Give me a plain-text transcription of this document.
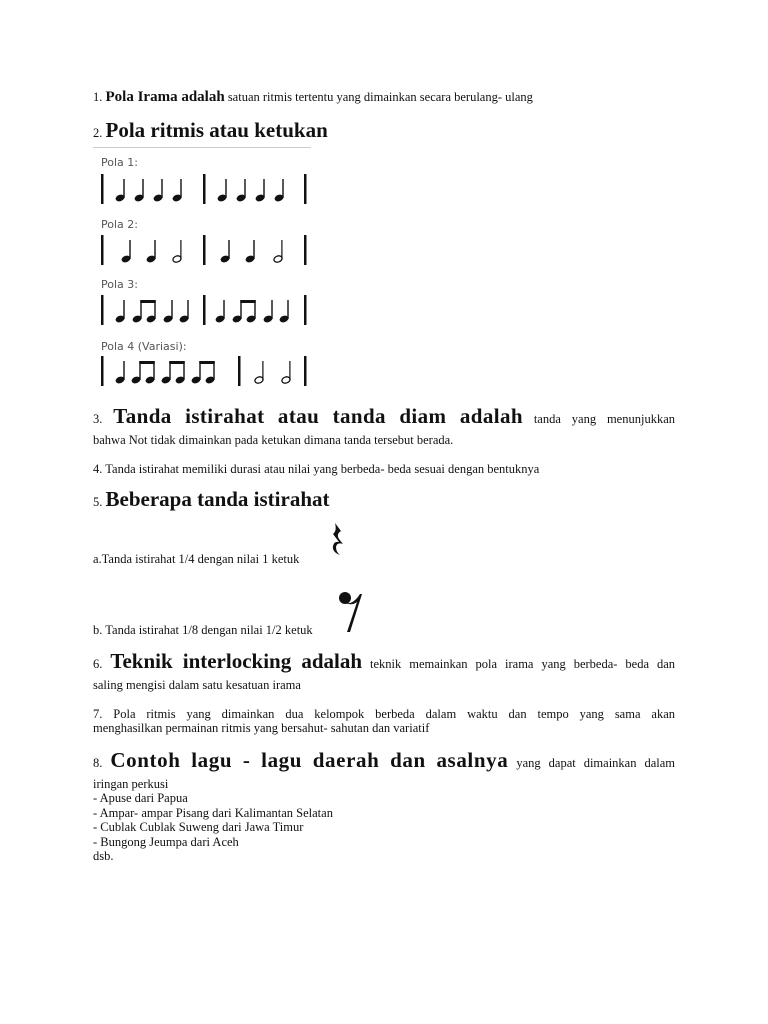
1. Pola Irama adalah satuan ritmis tertentu yang dimainkan secara berulang- ulang
2. Pola ritmis atau ketukan
Pola 1:
Pola 2:
Pola 3:
Pola 4 (Variasi):
3. Tanda istirahat atau tanda diam adalah tanda yang menunjukkan
bahwa Not tidak dimainkan pada ketukan dimana tanda tersebut berada.
4. Tanda istirahat memiliki durasi atau nilai yang berbeda- beda sesuai dengan bentuknya
5. Beberapa tanda istirahat
a.Tanda istirahat 1/4 dengan nilai 1 ketuk
b. Tanda istirahat 1/8 dengan nilai 1/2 ketuk
6. Teknik interlocking adalah teknik memainkan pola irama yang berbeda- beda dan
saling mengisi dalam satu kesatuan irama
7. Pola ritmis yang dimainkan dua kelompok berbeda dalam waktu dan tempo yang sama akan
menghasilkan permainan ritmis yang bersahut- sahutan dan variatif
8. Contoh lagu - lagu daerah dan asalnya yang dapat dimainkan dalam
iringan perkusi
- Apuse dari Papua
- Ampar- ampar Pisang dari Kalimantan Selatan
- Cublak Cublak Suweng dari Jawa Timur
- Bungong Jeumpa dari Aceh
dsb.
